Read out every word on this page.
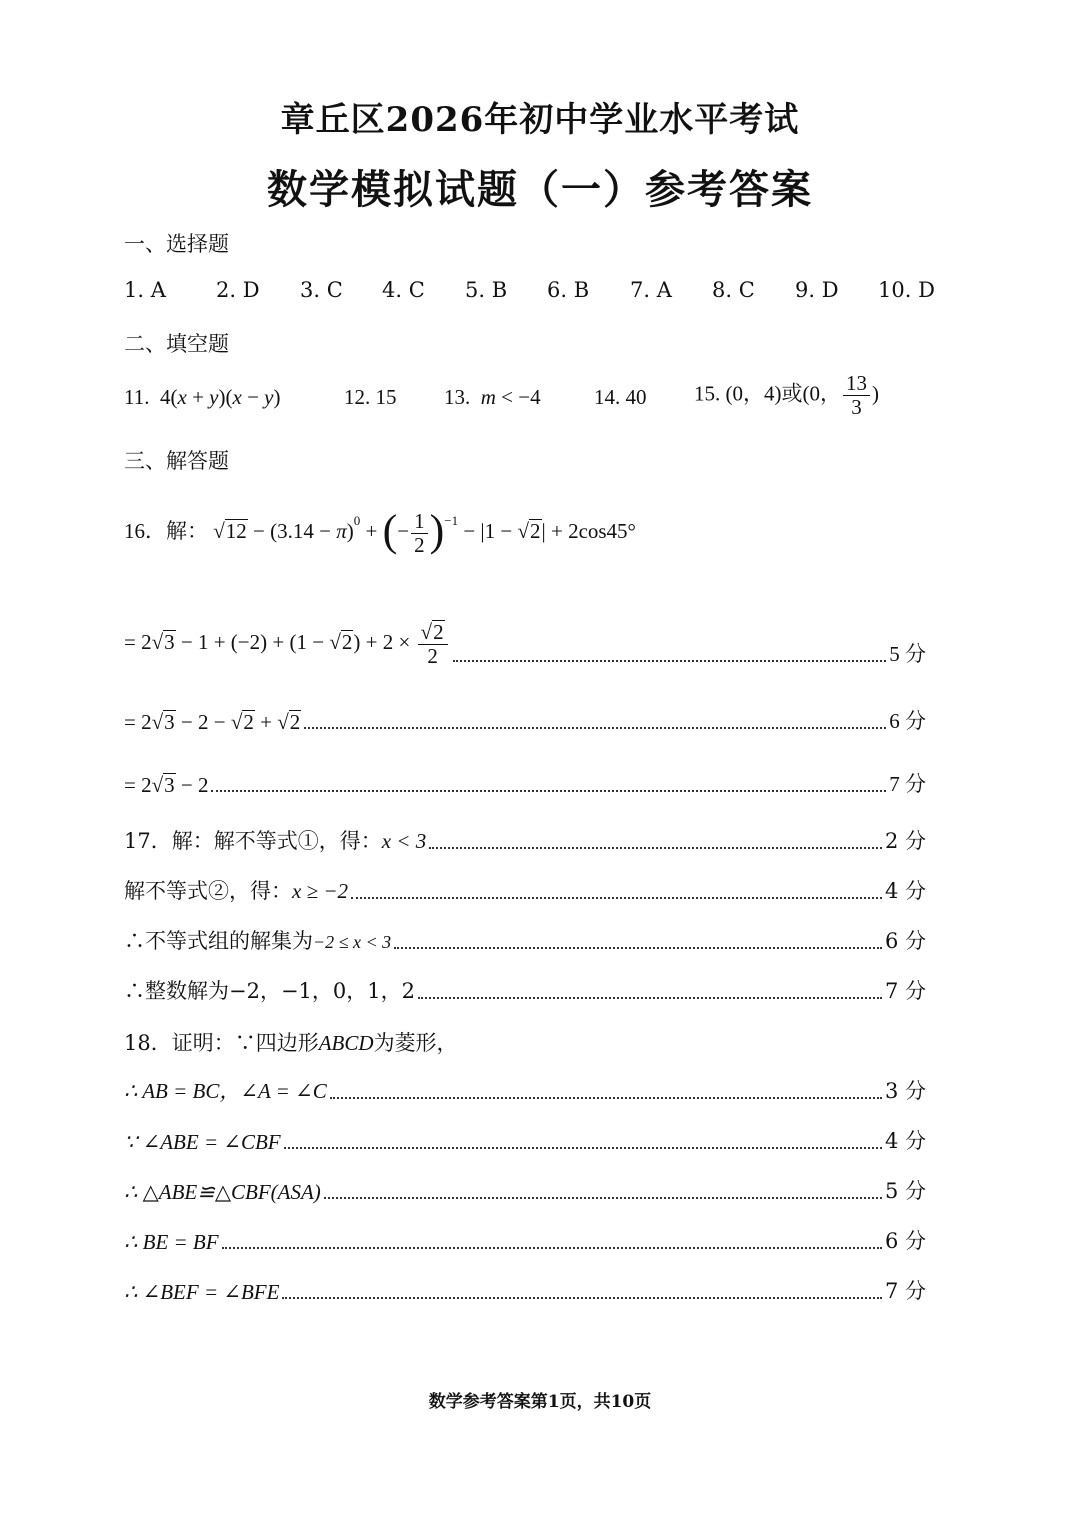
章丘区2026年初中学业水平考试
数学模拟试题（一）参考答案
一、选择题
1. A 2. D 3. C 4. C 5. B 6. B 7. A 8. C 9. D 10. D
二、填空题
11. 4(x + y)(x − y)	12. 15 13. m < −4	14. 40 15. (0，4)或(0， $\frac{13}{3}$ )
三、解答题
16．解： $√12 - (3.14 - \pi)^0$ + (− $\frac{1}{2} )^{-1} - |1 - √2| + 2\cos 45^\circ$
= $2√3 - 1 + (-2) + (1 - √2) + 2 \times \frac{√2}{2}$	5 分
= 2√3 − 2 − √2 + √2	6 分
= 2√3 − 2	7 分
17．解：解不等式①，得：x < 3	2 分
解不等式②，得：x ≥ −2	4 分
∴不等式组的解集为−2 ≤ x < 3	6 分
∴整数解为−2，−1，0，1，2	7 分
18．证明：∵四边形ABCD为菱形，
∴ AB = BC，∠A = ∠C	3 分
∵ ∠ABE = ∠CBF	4 分
∴ △ABE≌△CBF(ASA)	5 分
∴ BE = BF	6 分
∴ ∠BEF = ∠BFE	7 分
数学参考答案第1页，共10页
